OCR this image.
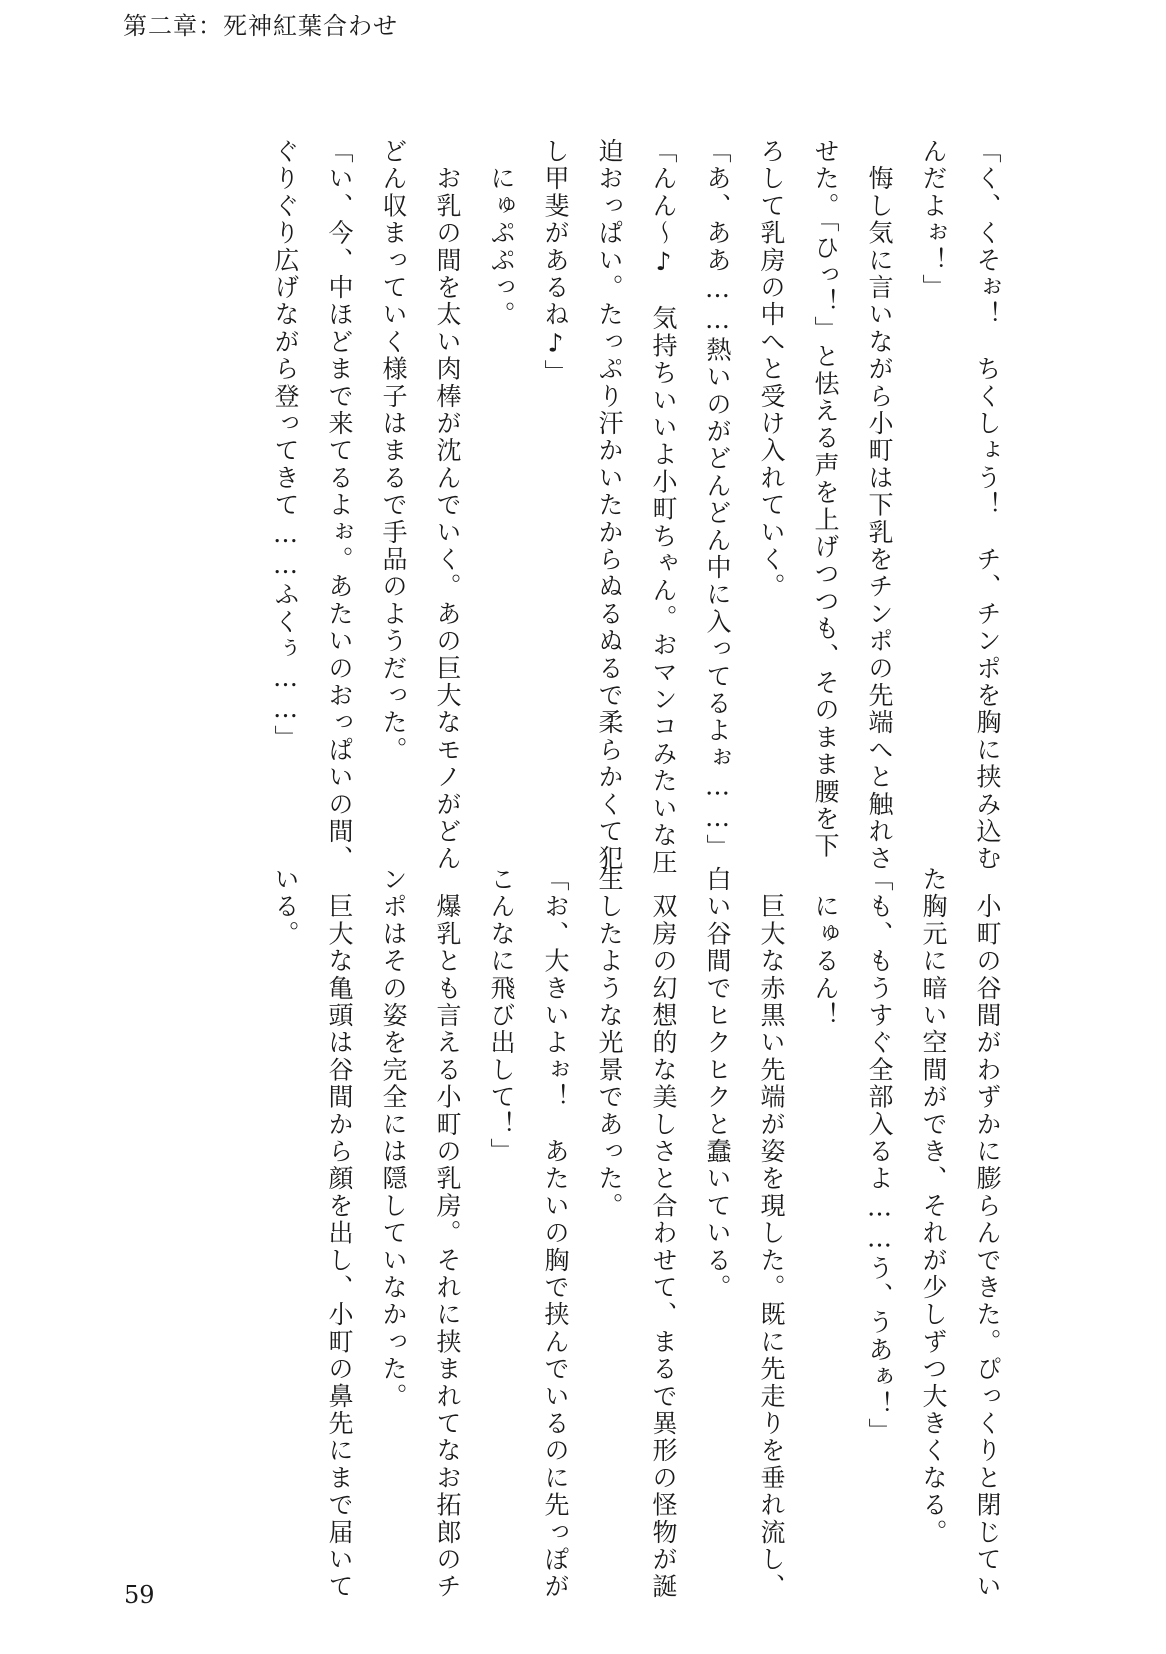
第二章：死神紅葉合わせ
「く、くそぉ！　ちくしょう！　チ、チンポを胸に挟み込む
んだよぉ！」
　悔し気に言いながら小町は下乳をチンポの先端へと触れさ
せた。「ひっ！」と怯える声を上げつつも、そのまま腰を下
ろして乳房の中へと受け入れていく。
「あ、ああ……熱いのがどんどん中に入ってるよぉ……」
「んん〜♪　気持ちいいよ小町ちゃん。おマンコみたいな圧
迫おっぱい。たっぷり汗かいたからぬるぬるで柔らかくて犯
し甲斐があるね♪」
　にゅぷぷっ。
　お乳の間を太い肉棒が沈んでいく。あの巨大なモノがどん
どん収まっていく様子はまるで手品のようだった。
「い、今、中ほどまで来てるよぉ。あたいのおっぱいの間、
ぐりぐり広げながら登ってきて……ふくぅ……」
　小町の谷間がわずかに膨らんできた。ぴっくりと閉じてい
た胸元に暗い空間ができ、それが少しずつ大きくなる。
「も、もうすぐ全部入るよ……う、うあぁ！」
　にゅるん！
　巨大な赤黒い先端が姿を現した。既に先走りを垂れ流し、
白い谷間でヒクヒクと蠢いている。
　双房の幻想的な美しさと合わせて、まるで異形の怪物が誕
生したような光景であった。
「お、大きいよぉ！　あたいの胸で挟んでいるのに先っぽが
こんなに飛び出して！」
　爆乳とも言える小町の乳房。それに挟まれてなお拓郎のチ
ンポはその姿を完全には隠していなかった。
　巨大な亀頭は谷間から顔を出し、小町の鼻先にまで届いて
いる。
59
